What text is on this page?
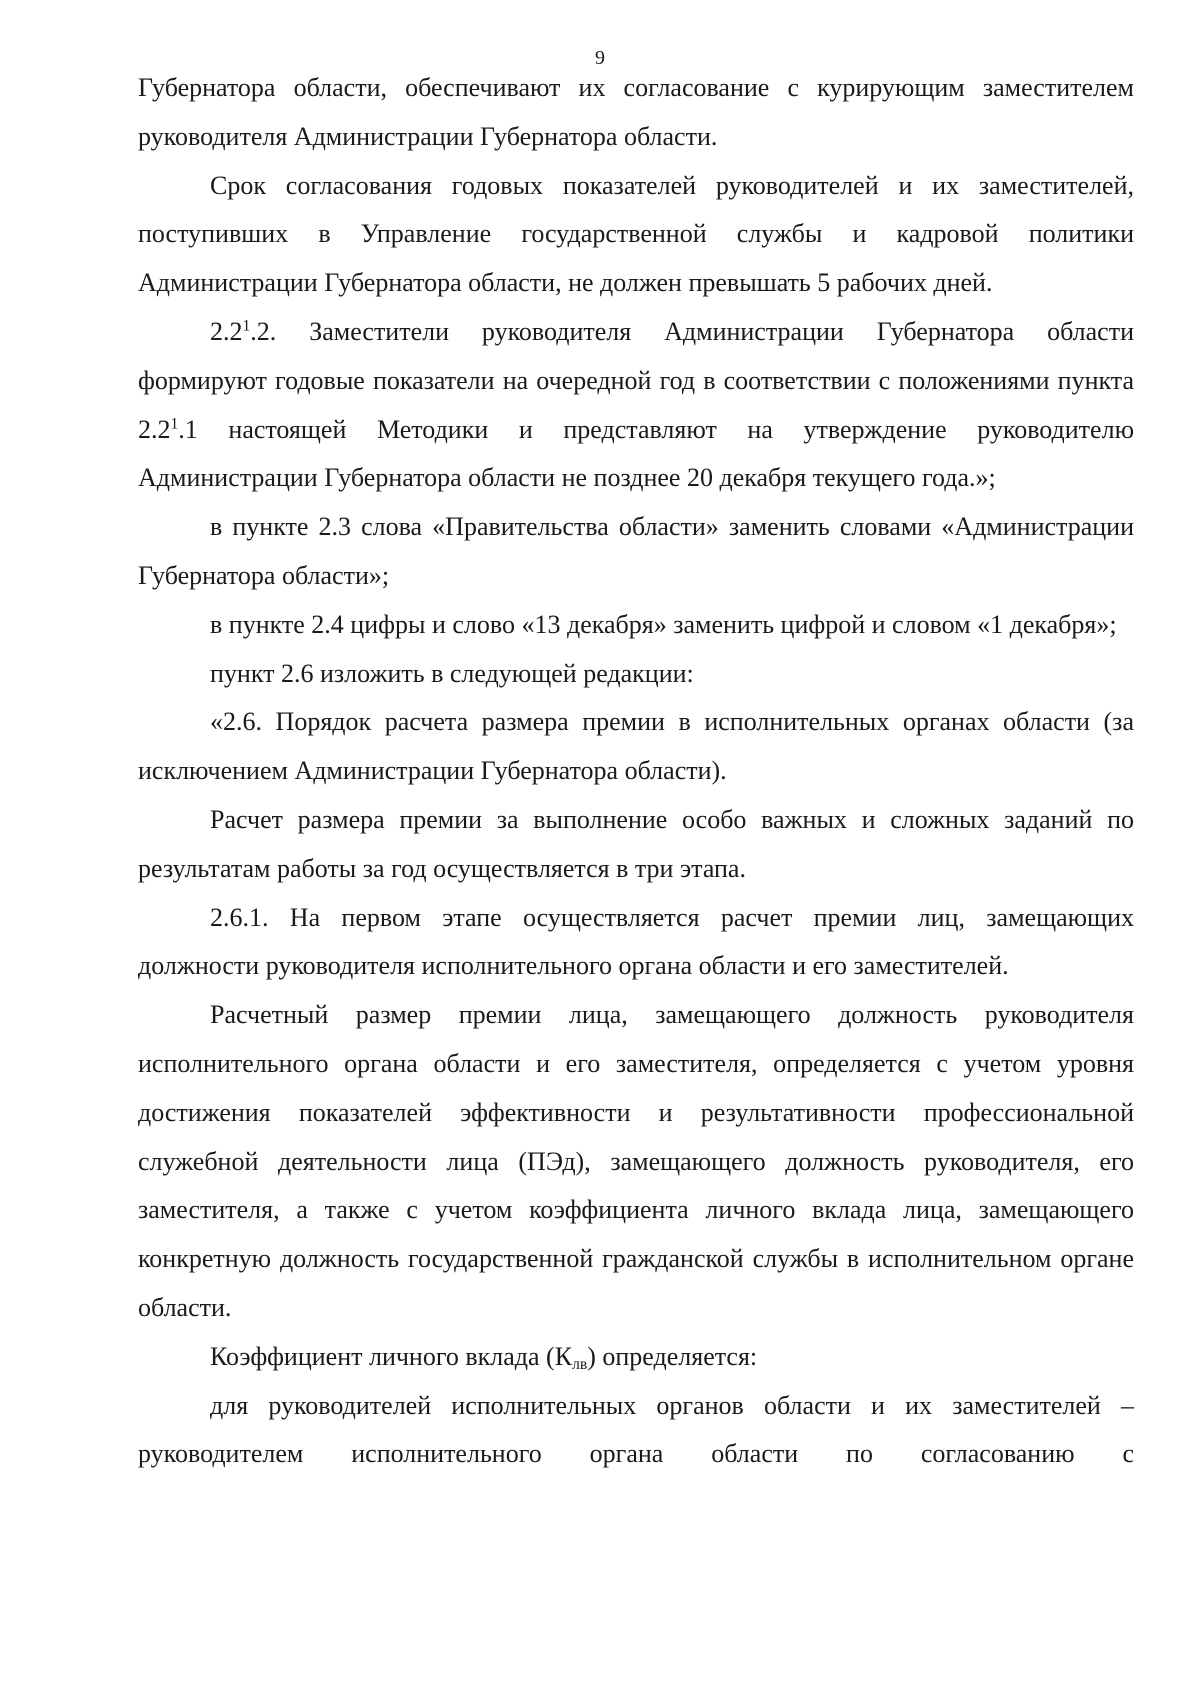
9

Губернатора области, обеспечивают их согласование с курирующим заместителем руководителя Администрации Губернатора области.

Срок согласования годовых показателей руководителей и их заместителей, поступивших в Управление государственной службы и кадровой политики Администрации Губернатора области, не должен превышать 5 рабочих дней.

$2.2^1.2$. Заместители руководителя Администрации Губернатора области формируют годовые показатели на очередной год в соответствии с положениями пункта $2.2^1.1$ настоящей Методики и представляют на утверждение руководителю Администрации Губернатора области не позднее 20 декабря текущего года.»;

в пункте 2.3 слова «Правительства области» заменить словами «Администрации Губернатора области»;

в пункте 2.4 цифры и слово «13 декабря» заменить цифрой и словом «1 декабря»;

пункт 2.6 изложить в следующей редакции:

«2.6. Порядок расчета размера премии в исполнительных органах области (за исключением Администрации Губернатора области).

Расчет размера премии за выполнение особо важных и сложных заданий по результатам работы за год осуществляется в три этапа.

2.6.1. На первом этапе осуществляется расчет премии лиц, замещающих должности руководителя исполнительного органа области и его заместителей.

Расчетный размер премии лица, замещающего должность руководителя исполнительного органа области и его заместителя, определяется с учетом уровня достижения показателей эффективности и результативности профессиональной служебной деятельности лица (ПЭд), замещающего должность руководителя, его заместителя, а также с учетом коэффициента личного вклада лица, замещающего конкретную должность государственной гражданской службы в исполнительном органе области.

Коэффициент личного вклада $(К_{лв})$ определяется:

для руководителей исполнительных органов области и их заместителей – руководителем исполнительного органа области по согласованию с
